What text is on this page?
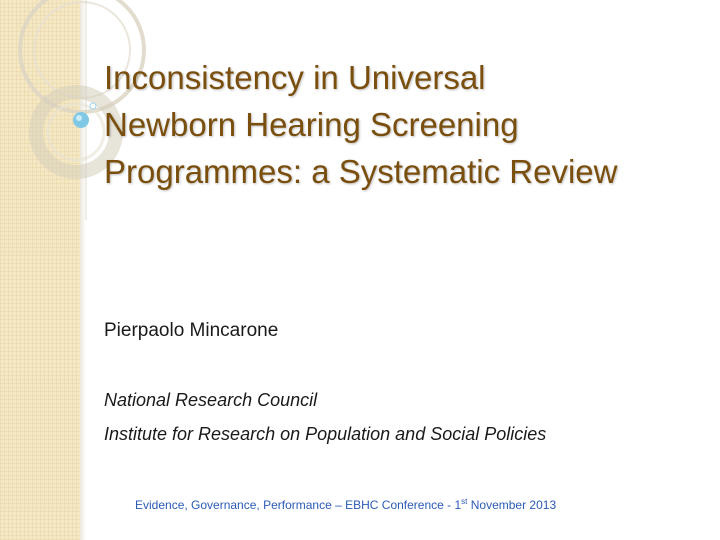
Inconsistency in Universal
Newborn Hearing Screening
Programmes: a Systematic Review
Pierpaolo Mincarone
National Research Council
Institute for Research on Population and Social Policies
Evidence, Governance, Performance – EBHC Conference - 1st November 2013
